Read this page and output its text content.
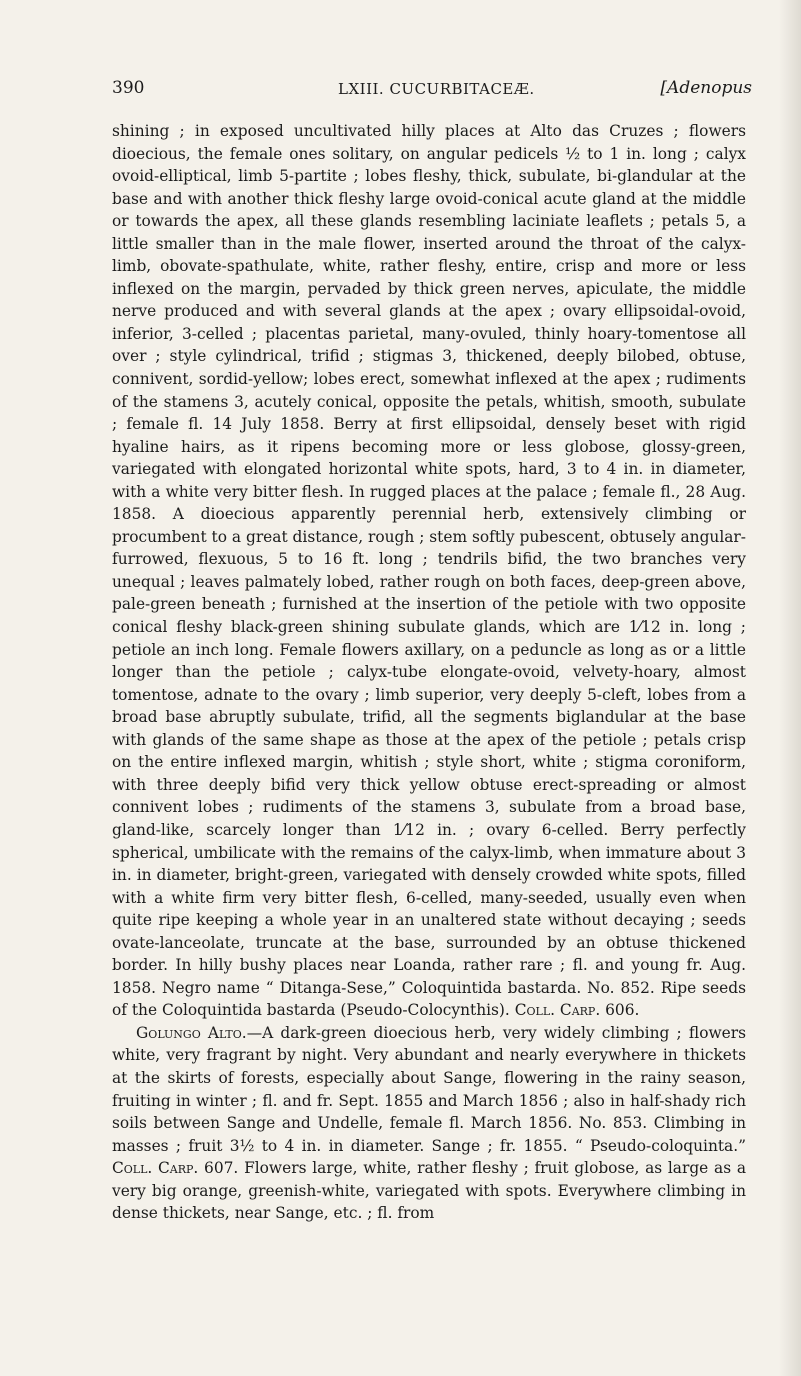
390	LXIII. CUCURBITACEÆ.	[Adenopus

shining ; in exposed uncultivated hilly places at Alto das Cruzes ; flowers dioecious, the female ones solitary, on angular pedicels ½ to 1 in. long ; calyx ovoid-elliptical, limb 5-partite ; lobes fleshy, thick, subulate, bi-glandular at the base and with another thick fleshy large ovoid-conical acute gland at the middle or towards the apex, all these glands resembling laciniate leaflets ; petals 5, a little smaller than in the male flower, inserted around the throat of the calyx-limb, obovate-spathulate, white, rather fleshy, entire, crisp and more or less inflexed on the margin, pervaded by thick green nerves, apiculate, the middle nerve produced and with several glands at the apex ; ovary ellipsoidal-ovoid, inferior, 3-celled ; placentas parietal, many-ovuled, thinly hoary-tomentose all over ; style cylindrical, trifid ; stigmas 3, thickened, deeply bilobed, obtuse, connivent, sordid-yellow; lobes erect, somewhat inflexed at the apex ; rudiments of the stamens 3, acutely conical, opposite the petals, whitish, smooth, subulate ; female fl. 14 July 1858. Berry at first ellipsoidal, densely beset with rigid hyaline hairs, as it ripens becoming more or less globose, glossy-green, variegated with elongated horizontal white spots, hard, 3 to 4 in. in diameter, with a white very bitter flesh. In rugged places at the palace ; female fl., 28 Aug. 1858. A dioecious apparently perennial herb, extensively climbing or procumbent to a great distance, rough ; stem softly pubescent, obtusely angular-furrowed, flexuous, 5 to 16 ft. long ; tendrils bifid, the two branches very unequal ; leaves palmately lobed, rather rough on both faces, deep-green above, pale-green beneath ; furnished at the insertion of the petiole with two opposite conical fleshy black-green shining subulate glands, which are 1⁄12 in. long ; petiole an inch long. Female flowers axillary, on a peduncle as long as or a little longer than the petiole ; calyx-tube elongate-ovoid, velvety-hoary, almost tomentose, adnate to the ovary ; limb superior, very deeply 5-cleft, lobes from a broad base abruptly subulate, trifid, all the segments biglandular at the base with glands of the same shape as those at the apex of the petiole ; petals crisp on the entire inflexed margin, whitish ; style short, white ; stigma coroniform, with three deeply bifid very thick yellow obtuse erect-spreading or almost connivent lobes ; rudiments of the stamens 3, subulate from a broad base, gland-like, scarcely longer than 1⁄12 in. ; ovary 6-celled. Berry perfectly spherical, umbilicate with the remains of the calyx-limb, when immature about 3 in. in diameter, bright-green, variegated with densely crowded white spots, filled with a white firm very bitter flesh, 6-celled, many-seeded, usually even when quite ripe keeping a whole year in an unaltered state without decaying ; seeds ovate-lanceolate, truncate at the base, surrounded by an obtuse thickened border. In hilly bushy places near Loanda, rather rare ; fl. and young fr. Aug. 1858. Negro name “ Ditanga-Sese,” Coloquintida bastarda. No. 852. Ripe seeds of the Coloquintida bastarda (Pseudo-Colocynthis). Coll. Carp. 606.

Golungo Alto.—A dark-green dioecious herb, very widely climbing ; flowers white, very fragrant by night. Very abundant and nearly everywhere in thickets at the skirts of forests, especially about Sange, flowering in the rainy season, fruiting in winter ; fl. and fr. Sept. 1855 and March 1856 ; also in half-shady rich soils between Sange and Undelle, female fl. March 1856. No. 853. Climbing in masses ; fruit 3½ to 4 in. in diameter. Sange ; fr. 1855. “ Pseudo-coloquinta.” Coll. Carp. 607. Flowers large, white, rather fleshy ; fruit globose, as large as a very big orange, greenish-white, variegated with spots. Everywhere climbing in dense thickets, near Sange, etc. ; fl. from
